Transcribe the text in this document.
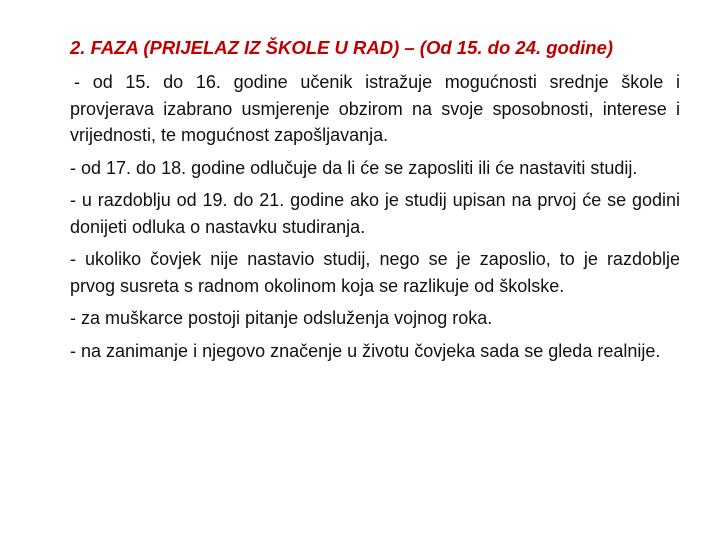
2. FAZA (PRIJELAZ IZ ŠKOLE U RAD) – (Od 15. do 24. godine)

- od 15. do 16. godine učenik istražuje mogućnosti srednje škole i provjerava izabrano usmjerenje obzirom na svoje sposobnosti, interese i vrijednosti, te mogućnost zapošljavanja.

- od 17. do 18. godine odlučuje da li će se zaposliti ili će nastaviti studij.

- u razdoblju od 19. do 21. godine ako je studij upisan na prvoj će se godini donijeti odluka o nastavku studiranja.

- ukoliko čovjek nije nastavio studij, nego se je zaposlio, to je razdoblje prvog susreta s radnom okolinom koja se razlikuje od školske.

- za muškarce postoji pitanje odsluženja vojnog roka.

- na zanimanje i njegovo značenje u životu čovjeka sada se gleda realnije.
